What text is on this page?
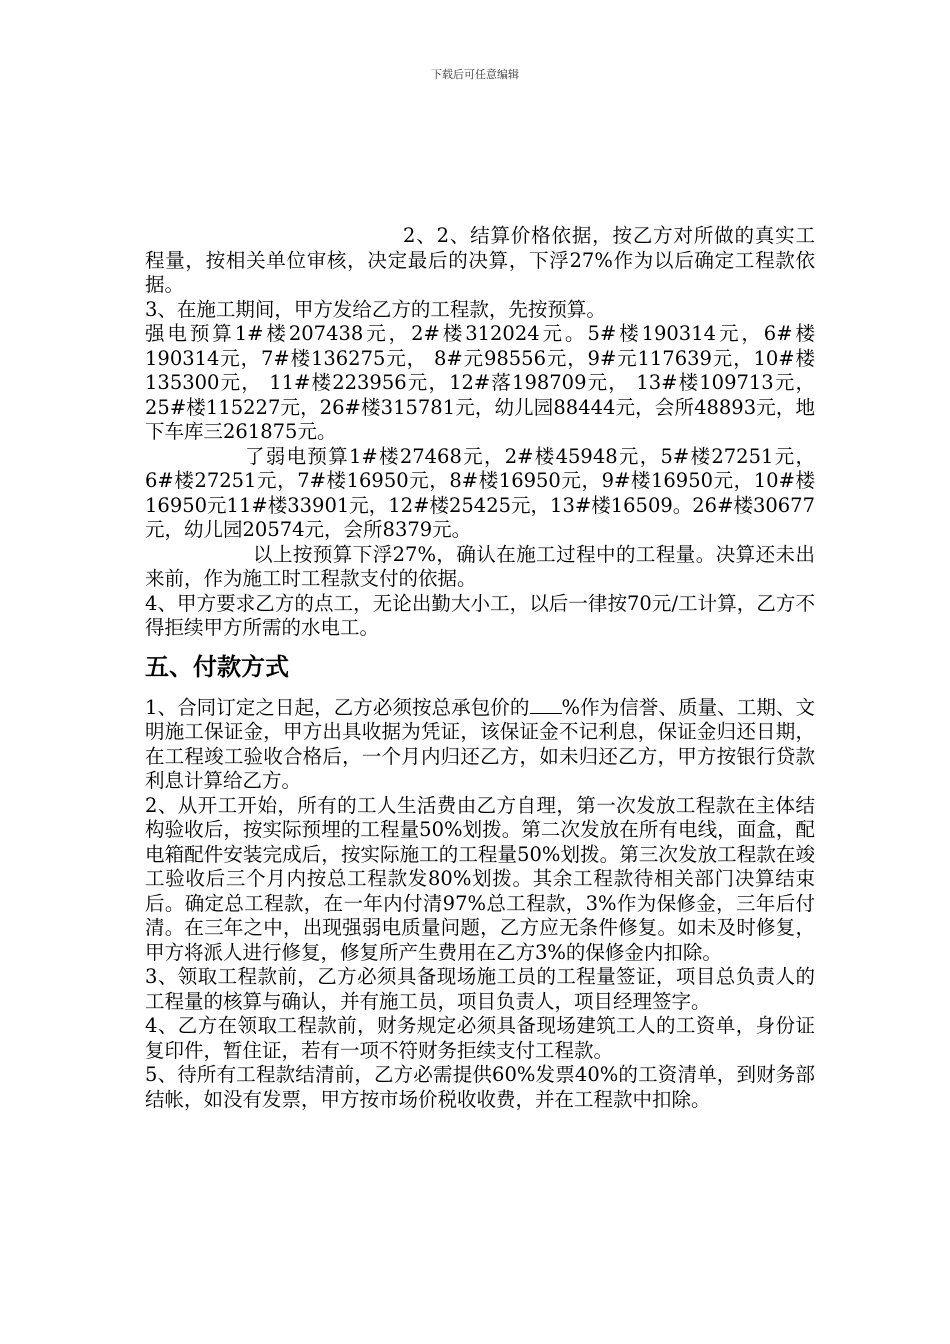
下载后可任意编辑

2、2、结算价格依据，按乙方对所做的真实工程量，按相关单位审核，决定最后的决算，下浮27%作为以后确定工程款依据。

3、在施工期间，甲方发给乙方的工程款，先按预算。

强电预算1#楼207438元，2#楼312024元。5#楼190314元，6#楼190314元，7#楼136275元， 8#元98556元，9#元117639元，10#楼135300元， 11#楼223956元，12#落198709元， 13#楼109713元，25#楼115227元，26#楼315781元，幼儿园88444元，会所48893元，地下车库三261875元。

了弱电预算1#楼27468元，2#楼45948元，5#楼27251元，6#楼27251元，7#楼16950元，8#楼16950元，9#楼16950元，10#楼16950元11#楼33901元，12#楼25425元，13#楼16509。26#楼30677元，幼儿园20574元，会所8379元。

以上按预算下浮27%，确认在施工过程中的工程量。决算还未出来前，作为施工时工程款支付的依据。

4、甲方要求乙方的点工，无论出勤大小工，以后一律按70元/工计算，乙方不得拒续甲方所需的水电工。

五、付款方式

1、合同订定之日起，乙方必须按总承包价的 %作为信誉、质量、工期、文明施工保证金，甲方出具收据为凭证，该保证金不记利息，保证金归还日期，在工程竣工验收合格后，一个月内归还乙方，如未归还乙方，甲方按银行贷款利息计算给乙方。

2、从开工开始，所有的工人生活费由乙方自理，第一次发放工程款在主体结构验收后，按实际预埋的工程量50%划拨。第二次发放在所有电线，面盒，配电箱配件安装完成后，按实际施工的工程量50%划拨。第三次发放工程款在竣工验收后三个月内按总工程款发80%划拨。其余工程款待相关部门决算结束后。确定总工程款，在一年内付清97%总工程款，3%作为保修金，三年后付清。在三年之中，出现强弱电质量问题，乙方应无条件修复。如未及时修复，甲方将派人进行修复，修复所产生费用在乙方3%的保修金内扣除。

3、领取工程款前，乙方必须具备现场施工员的工程量签证，项目总负责人的工程量的核算与确认，并有施工员，项目负责人，项目经理签字。

4、乙方在领取工程款前，财务规定必须具备现场建筑工人的工资单，身份证复印件，暂住证，若有一项不符财务拒续支付工程款。

5、待所有工程款结清前，乙方必需提供60%发票40%的工资清单，到财务部结帐，如没有发票，甲方按市场价税收收费，并在工程款中扣除。
